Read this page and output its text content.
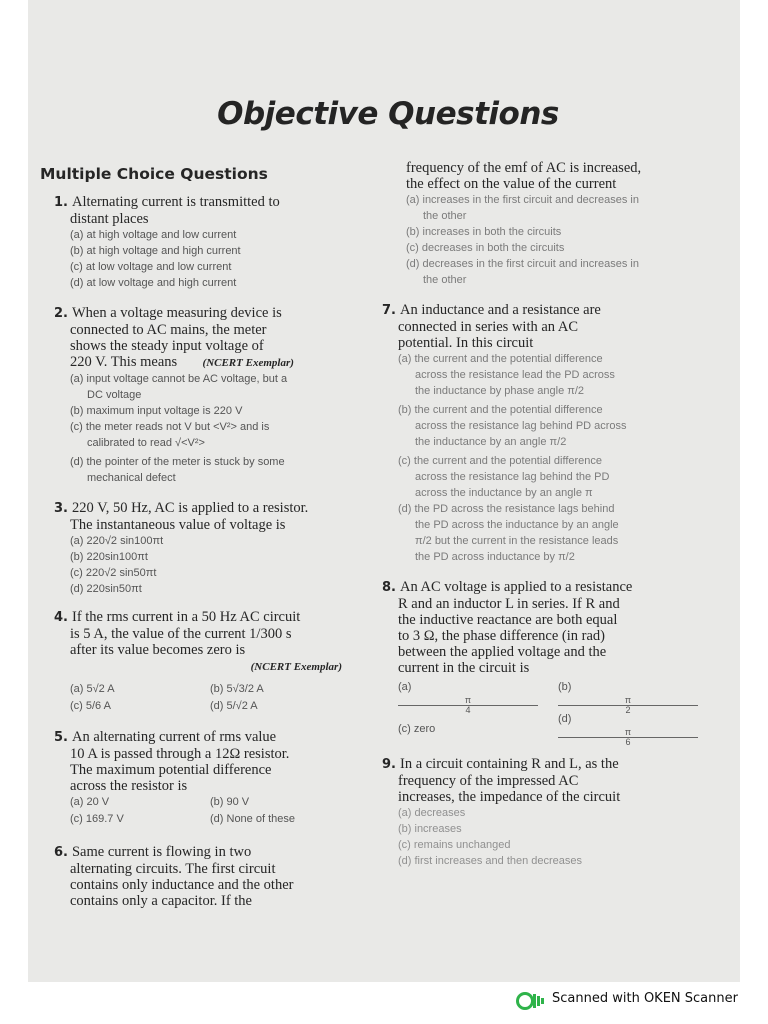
Objective Questions
Multiple Choice Questions
1. Alternating current is transmitted to
distant places
(a) at high voltage and low current
(b) at high voltage and high current
(c) at low voltage and low current
(d) at low voltage and high current
2. When a voltage measuring device is
connected to AC mains, the meter
shows the steady input voltage of
220 V. This means (NCERT Exemplar)
(a) input voltage cannot be AC voltage, but a
DC voltage
(b) maximum input voltage is 220 V
(c) the meter reads not V but <V²> and is
calibrated to read √<V²>
(d) the pointer of the meter is stuck by some
mechanical defect
3. 220 V, 50 Hz, AC is applied to a resistor.
The instantaneous value of voltage is
(a) 220√2 sin100πt
(b) 220sin100πt
(c) 220√2 sin50πt
(d) 220sin50πt
4. If the rms current in a 50 Hz AC circuit
is 5 A, the value of the current 1/300 s
after its value becomes zero is
(NCERT Exemplar)
(a) 5√2 A	(b) 5√3/2 A
(c) 5/6 A	(d) 5/√2 A
5. An alternating current of rms value
10 A is passed through a 12Ω resistor.
The maximum potential difference
across the resistor is
(a) 20 V	(b) 90 V
(c) 169.7 V	(d) None of these
6. Same current is flowing in two
alternating circuits. The first circuit
contains only inductance and the other
contains only a capacitor. If the
frequency of the emf of AC is increased,
the effect on the value of the current
(a) increases in the first circuit and decreases in
the other
(b) increases in both the circuits
(c) decreases in both the circuits
(d) decreases in the first circuit and increases in
the other
7. An inductance and a resistance are
connected in series with an AC
potential. In this circuit
(a) the current and the potential difference
across the resistance lead the PD across
the inductance by phase angle π/2
(b) the current and the potential difference
across the resistance lag behind PD across
the inductance by an angle π/2
(c) the current and the potential difference
across the resistance lag behind the PD
across the inductance by an angle π
(d) the PD across the resistance lags behind
the PD across the inductance by an angle
π/2 but the current in the resistance leads
the PD across inductance by π/2
8. An AC voltage is applied to a resistance
R and an inductor L in series. If R and
the inductive reactance are both equal
to 3 Ω, the phase difference (in rad)
between the applied voltage and the
current in the circuit is
(a)
$\frac{\pi}{4}$
(b)
$\frac{\pi}{2}$
(c) zero
(d)
$\frac{\pi}{6}$
9. In a circuit containing R and L, as the
frequency of the impressed AC
increases, the impedance of the circuit
(a) decreases
(b) increases
(c) remains unchanged
(d) first increases and then decreases
Scanned with OKEN Scanner
